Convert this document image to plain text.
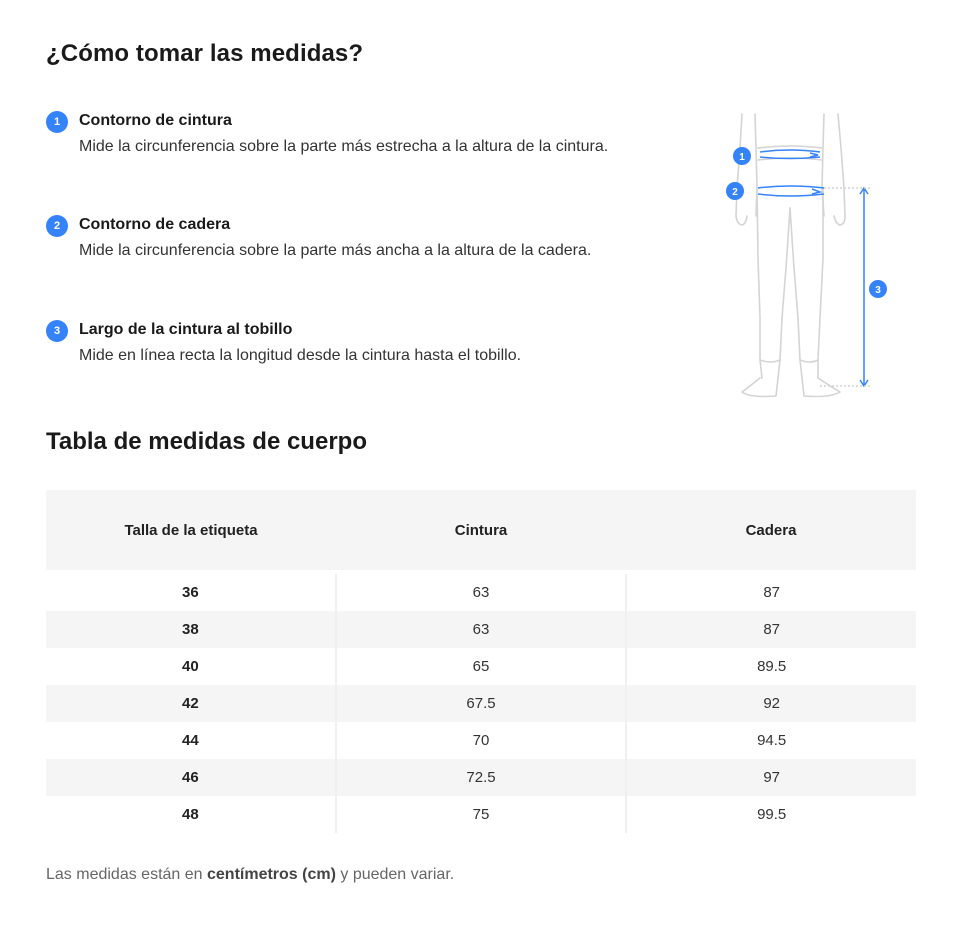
¿Cómo tomar las medidas?
1	Contorno de cintura
Mide la circunferencia sobre la parte más estrecha a la altura de la cintura.
2	Contorno de cadera
Mide la circunferencia sobre la parte más ancha a la altura de la cadera.
3	Largo de la cintura al tobillo
Mide en línea recta la longitud desde la cintura hasta el tobillo.
1
2
3
Tabla de medidas de cuerpo
Talla de la etiqueta	Cintura	Cadera
36	63	87
38	63	87
40	65	89.5
42	67.5	92
44	70	94.5
46	72.5	97
48	75	99.5

Las medidas están en centímetros (cm) y pueden variar.
